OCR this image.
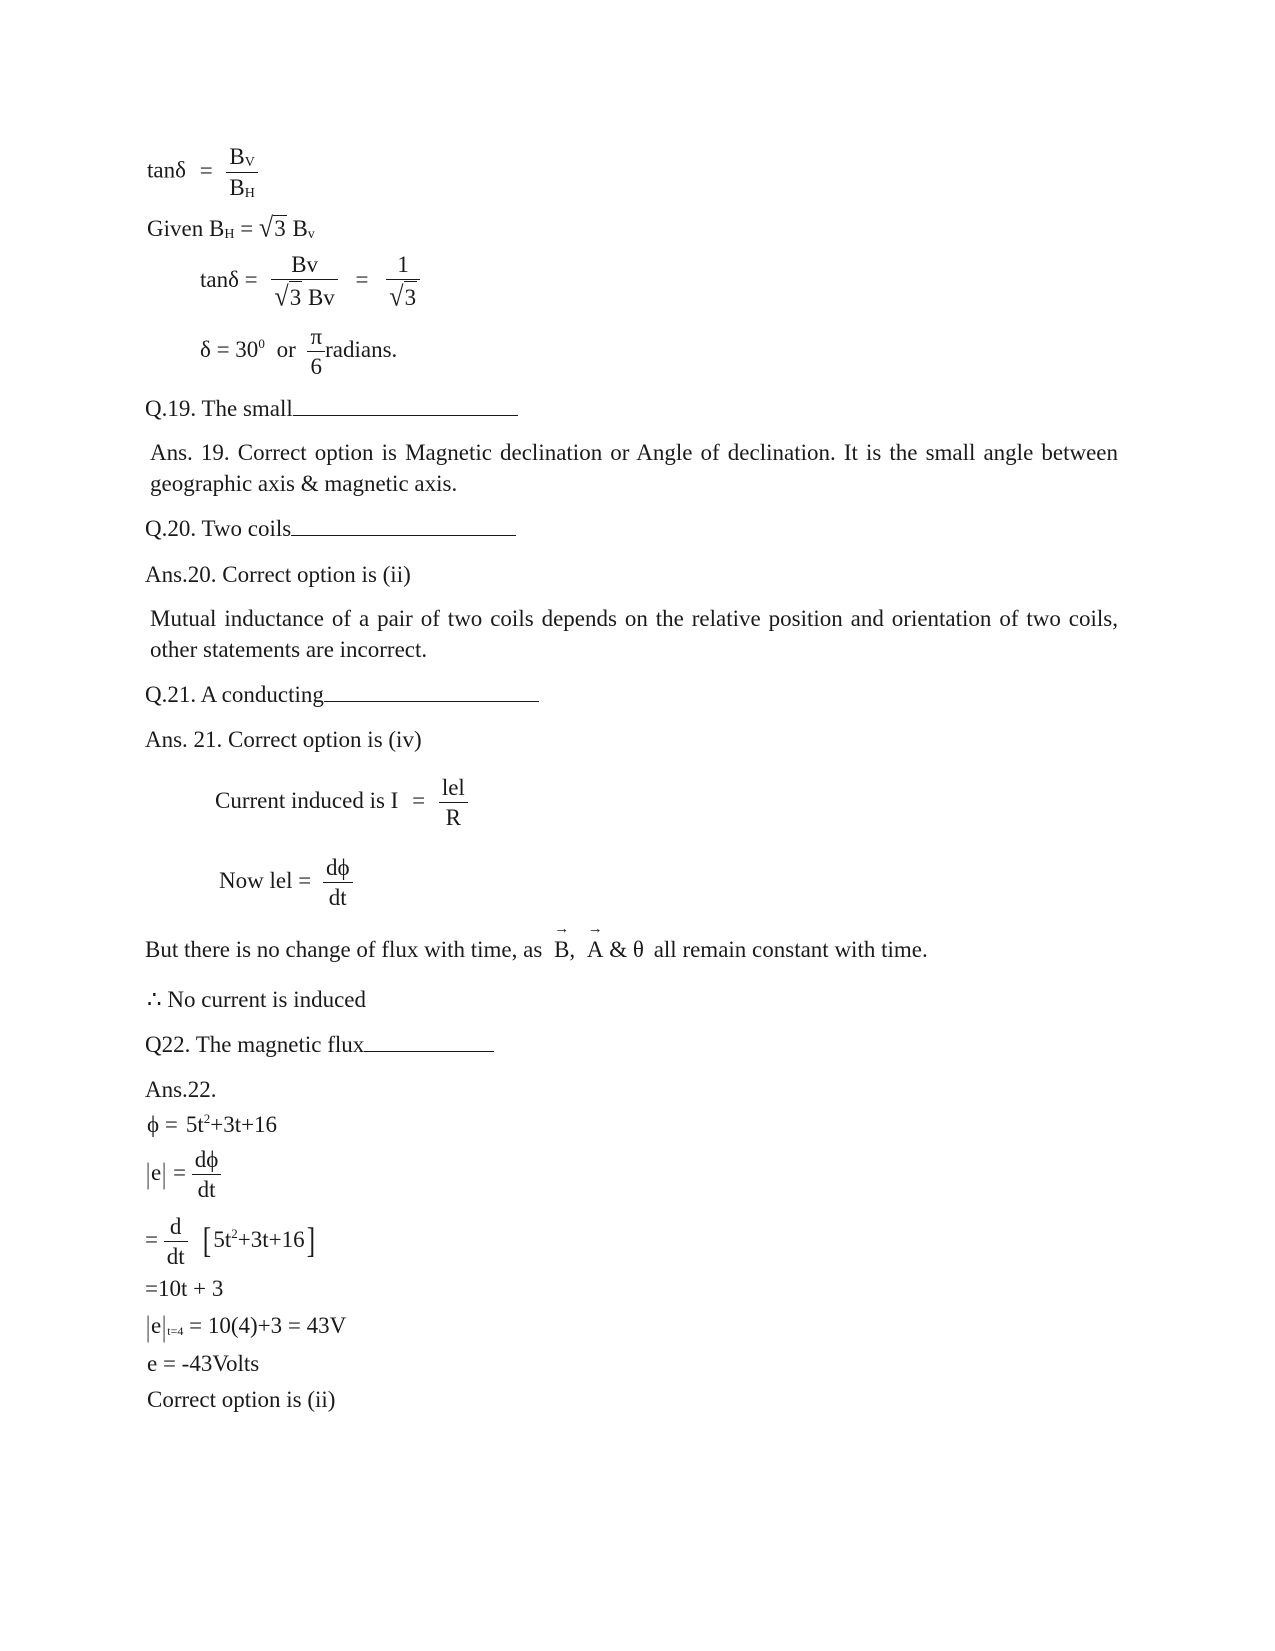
$\tan\delta = \frac{B_V}{B_H}$
Given $B_H = √3$ $B_v$
$\tan\delta = \frac{Bv}{√3 Bv} = \frac{1}{√3}$
$\delta = 30^0$ or $\frac{\pi}{6}$ radians.
Q.19. The small
Ans. 19. Correct option is Magnetic declination or Angle of declination. It is the small angle between geographic axis & magnetic axis.
Q.20. Two coils
Ans.20. Correct option is (ii)
Mutual inductance of a pair of two coils depends on the relative position and orientation of two coils, other statements are incorrect.
Q.21. A conducting
Ans. 21. Correct option is (iv)
Current induced is $I = \frac{\text{lel}}{R}$
Now lel = $\frac{d\phi}{dt}$
But there is no change of flux with time, as → B, → A & θ all remain constant with time.
∴ No current is induced
Q22. The magnetic flux
Ans.22.
$\phi = 5t^2+3t+16$
$|e| = \frac{d\phi}{dt}$
= $\frac{d}{dt} [5t^2+3t+16]$
=10t + 3
$|e|_{t=4} = 10(4)+3 = 43V$
e = -43Volts
Correct option is (ii)
